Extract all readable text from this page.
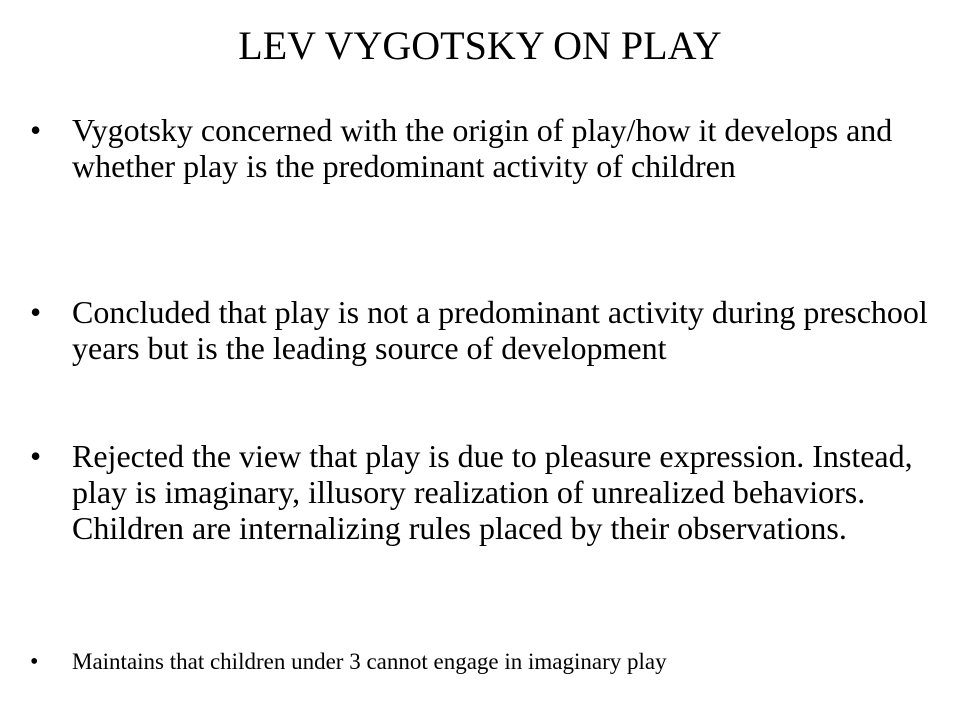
LEV VYGOTSKY ON PLAY
• Vygotsky concerned with the origin of play/how it develops and whether play is the predominant activity of children
• Concluded that play is not a predominant activity during preschool years but is the leading source of development
• Rejected the view that play is due to pleasure expression. Instead, play is imaginary, illusory realization of unrealized behaviors. Children are internalizing rules placed by their observations.
•	Maintains that children under 3 cannot engage in imaginary play
